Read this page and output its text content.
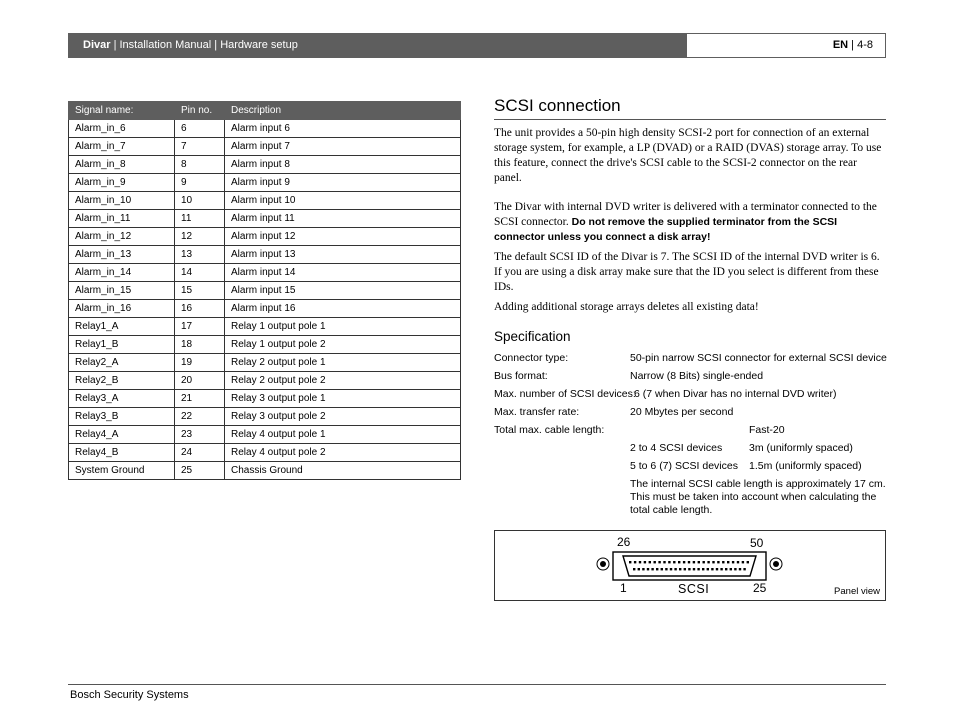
Divar | Installation Manual | Hardware setup	EN | 4-8
Signal name:	Pin no.	Description
Alarm_in_6	6	Alarm input 6
Alarm_in_7	7	Alarm input 7
Alarm_in_8	8	Alarm input 8
Alarm_in_9	9	Alarm input 9
Alarm_in_10	10	Alarm input 10
Alarm_in_11	11	Alarm input 11
Alarm_in_12	12	Alarm input 12
Alarm_in_13	13	Alarm input 13
Alarm_in_14	14	Alarm input 14
Alarm_in_15	15	Alarm input 15
Alarm_in_16	16	Alarm input 16
Relay1_A	17	Relay 1 output pole 1
Relay1_B	18	Relay 1 output pole 2
Relay2_A	19	Relay 2 output pole 1
Relay2_B	20	Relay 2 output pole 2
Relay3_A	21	Relay 3 output pole 1
Relay3_B	22	Relay 3 output pole 2
Relay4_A	23	Relay 4 output pole 1
Relay4_B	24	Relay 4 output pole 2
System Ground	25	Chassis Ground
SCSI connection

The unit provides a 50-pin high density SCSI-2 port for connection of an external storage system, for example, a LP (DVAD) or a RAID (DVAS) storage array. To use this feature, connect the drive's SCSI cable to the SCSI-2 connector on the rear panel.

The Divar with internal DVD writer is delivered with a terminator connected to the SCSI connector. Do not remove the supplied terminator from the SCSI connector unless you connect a disk array!

The default SCSI ID of the Divar is 7. The SCSI ID of the internal DVD writer is 6. If you are using a disk array make sure that the ID you select is different from these IDs.

Adding additional storage arrays deletes all existing data!

Specification
Connector type:	50-pin narrow SCSI connector for external SCSI device
Bus format:	Narrow (8 Bits) single-ended
Max. number of SCSI devices:
6 (7 when Divar has no internal DVD writer)
Max. transfer rate:	20 Mbytes per second
Total max. cable length:	Fast-20
2 to 4 SCSI devices	3m (uniformly spaced)
5 to 6 (7) SCSI devices 1.5m (uniformly spaced)
The internal SCSI cable length is approximately 17 cm. This must be taken into account when calculating the total cable length.
26	50
1	25
SCSI	Panel view
Bosch Security Systems
